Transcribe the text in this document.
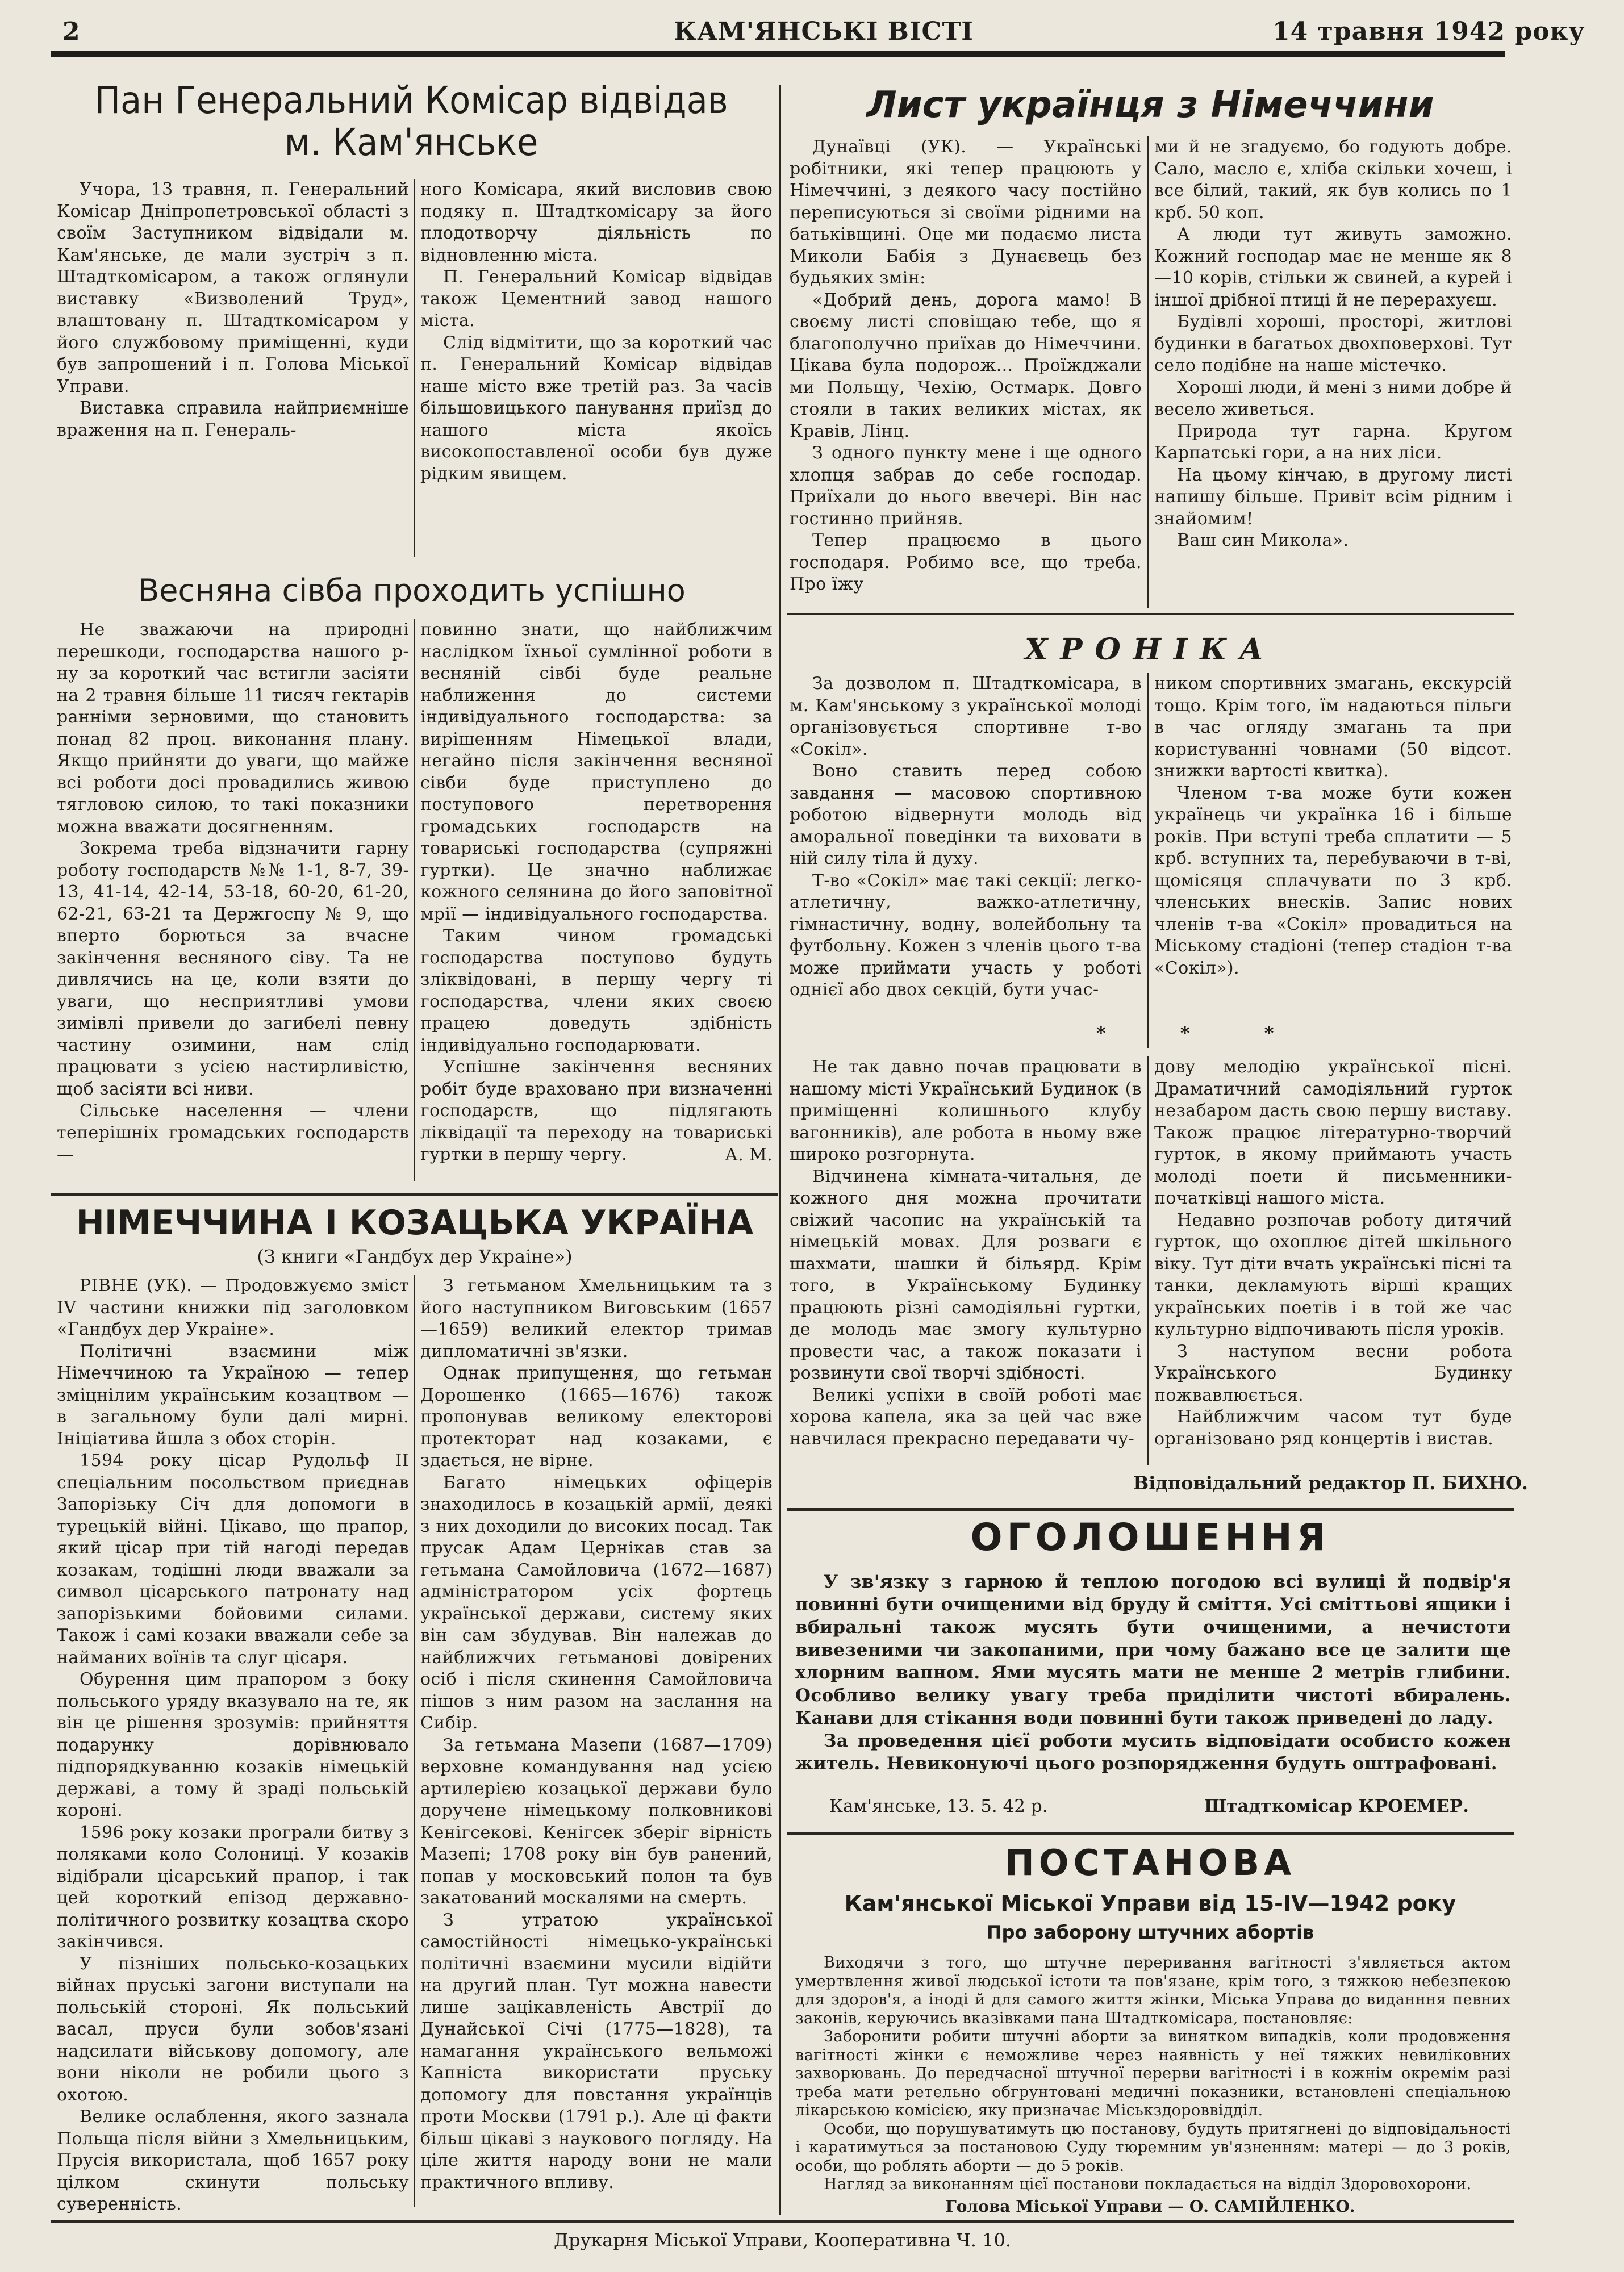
2	КАМ'ЯНСЬКІ ВІСТІ	14 травня 1942 року
Пан Генеральний Комісар відвідав
м. Кам'янське

Учора, 13 травня, п. Генеральний Комісар Дніпропетровської області з своїм Заступником відвідали м. Кам'янське, де мали зустріч з п. Штадткомісаром, а також оглянули виставку «Визволений Труд», влаштовану п. Штадткомісаром у його службовому приміщенні, куди був запрошений і п. Голова Міської Управи.

Виставка справила найприємніше враження на п. Генераль-

ного Комісара, який висловив свою подяку п. Штадткомісару за його плодотворчу діяльність по відновленню міста.

П. Генеральний Комісар відвідав також Цементний завод нашого міста.

Слід відмітити, що за короткий час п. Генеральний Комісар відвідав наше місто вже третій раз. За часів більшовицького панування приїзд до нашого міста якоїсь високопоставленої особи був дуже рідким явищем.

Весняна сівба проходить успішно

Не зважаючи на природні перешкоди, господарства нашого р-ну за короткий час встигли засіяти на 2 травня більше 11 тисяч гектарів ранніми зерновими, що становить понад 82 проц. виконання плану. Якщо прийняти до уваги, що майже всі роботи досі провадились живою тягловою силою, то такі показники можна вважати досягненням.

Зокрема треба відзначити гарну роботу господарств №№ 1-1, 8-7, 39-13, 41-14, 42-14, 53-18, 60-20, 61-20, 62-21, 63-21 та Держгоспу № 9, що вперто борються за вчасне закінчення весняного сіву. Та не дивлячись на це, коли взяти до уваги, що несприятливі умови зимівлі привели до загибелі певну частину озимини, нам слід працювати з усією настирливістю, щоб засіяти всі ниви.

Сільське населення — члени теперішніх громадських господарств —

повинно знати, що найближчим наслідком їхньої сумлінної роботи в весняній сівбі буде реальне наближення до системи індивідуального господарства: за вирішенням Німецької влади, негайно після закінчення весняної сівби буде приступлено до поступового перетворення громадських господарств на товариські господарства (супряжні гуртки). Це значно наближає кожного селянина до його заповітної мрії — індивідуального господарства.

Таким чином громадські господарства поступово будуть зліквідовані, в першу чергу ті господарства, члени яких своєю працею доведуть здібність індивідуально господарювати.

Успішне закінчення весняних робіт буде враховано при визначенні господарств, що підлягають ліквідації та переходу на товариські гуртки в першу чергу.	А. М.

НІМЕЧЧИНА І КОЗАЦЬКА УКРАЇНА
(З книги «Гандбух дер Украіне»)

РІВНЕ (УК). — Продовжуємо зміст IV частини книжки під заголовком «Гандбух дер Украіне».

Політичні взаємини між Німеччиною та Україною — тепер зміцнілим українським козацтвом — в загальному були далі мирні. Ініціатива йшла з обох сторін.

1594 року цісар Рудольф II спеціальним посольством приєднав Запорізьку Січ для допомоги в турецькій війні. Цікаво, що прапор, який цісар при тій нагоді передав козакам, тодішні люди вважали за символ цісарського патронату над запорізькими бойовими силами. Також і самі козаки вважали себе за найманих воїнів та слуг цісаря.

Обурення цим прапором з боку польського уряду вказувало на те, як він це рішення зрозумів: прийняття подарунку дорівнювало підпорядкуванню козаків німецькій державі, а тому й зраді польській короні.

1596 року козаки програли битву з поляками коло Солониці. У козаків відібрали цісарський прапор, і так цей короткий епізод державно-політичного розвитку козацтва скоро закінчився.

У пізніших польсько-козацьких війнах пруські загони виступали на польській стороні. Як польський васал, пруси були зобов'язані надсилати військову допомогу, але вони ніколи не робили цього з охотою.

Велике ослаблення, якого зазнала Польща після війни з Хмельницьким, Прусія використала, щоб 1657 року цілком скинути польську суверенність.

З гетьманом Хмельницьким та з його наступником Виговським (1657—1659) великий електор тримав дипломатичні зв'язки.

Однак припущення, що гетьман Дорошенко (1665—1676) також пропонував великому електорові протекторат над козаками, є здається, не вірне.

Багато німецьких офіцерів знаходилось в козацькій армії, деякі з них доходили до високих посад. Так прусак Адам Цернікав став за гетьмана Самойловича (1672—1687) адміністратором усіх фортець української держави, систему яких він сам збудував. Він належав до найближчих гетьманові довірених осіб і після скинення Самойловича пішов з ним разом на заслання на Сибір.

За гетьмана Мазепи (1687—1709) верховне командування над усією артилерією козацької держави було доручене німецькому полковникові Кенігсекові. Кенігсек зберіг вірність Мазепі; 1708 року він був ранений, попав у московський полон та був закатований москалями на смерть.

З утратою української самостійності німецько-українські політичні взаємини мусили відійти на другий план. Тут можна навести лише зацікавленість Австрії до Дунайської Січі (1775—1828), та намагання українського вельможі Капніста використати пруську допомогу для повстання українців проти Москви (1791 р.). Але ці факти більш цікаві з наукового погляду. На ціле життя народу вони не мали практичного впливу.

Лист українця з Німеччини

Дунаївці (УК). — Українські робітники, які тепер працюють у Німеччині, з деякого часу постійно переписуються зі своїми рідними на батьківщині. Оце ми подаємо листа Миколи Бабія з Дунаєвець без будьяких змін:

«Добрий день, дорога мамо! В своєму листі сповіщаю тебе, що я благополучно приїхав до Німеччини. Цікава була подорож... Проїжджали ми Польщу, Чехію, Остмарк. Довго стояли в таких великих містах, як Кравів, Лінц.

З одного пункту мене і ще одного хлопця забрав до себе господар. Приїхали до нього ввечері. Він нас гостинно прийняв.

Тепер працюємо в цього господаря. Робимо все, що треба. Про їжу

ми й не згадуємо, бо годують добре. Сало, масло є, хліба скільки хочеш, і все білий, такий, як був колись по 1 крб. 50 коп.

А люди тут живуть заможно. Кожний господар має не менше як 8—10 корів, стільки ж свиней, а курей і іншої дрібної птиці й не перерахуєш.

Будівлі хороші, просторі, житлові будинки в багатьох двохповерхові. Тут село подібне на наше містечко.

Хороші люди, й мені з ними добре й весело живеться.

Природа тут гарна. Кругом Карпатські гори, а на них ліси.

На цьому кінчаю, в другому листі напишу більше. Привіт всім рідним і знайомим!

Ваш син Микола».

ХРОНІКА

За дозволом п. Штадткомісара, в м. Кам'янському з української молоді організовується спортивне т-во «Сокіл».

Воно ставить перед собою завдання — масовою спортивною роботою відвернути молодь від аморальної поведінки та виховати в ній силу тіла й духу.

Т-во «Сокіл» має такі секції: легко-атлетичну, важко-атлетичну, гімнастичну, водну, волейбольну та футбольну. Кожен з членів цього т-ва може приймати участь у роботі однієї або двох секцій, бути учас-

ником спортивних змагань, екскурсій тощо. Крім того, їм надаються пільги в час огляду змагань та при користуванні човнами (50 відсот. знижки вартості квитка).

Членом т-ва може бути кожен українець чи українка 16 і більше років. При вступі треба сплатити — 5 крб. вступних та, перебуваючи в т-ві, щомісяця сплачувати по 3 крб. членських внесків. Запис нових членів т-ва «Сокіл» провадиться на Міському стадіоні (тепер стадіон т-ва «Сокіл»).

* * *

Не так давно почав працювати в нашому місті Український Будинок (в приміщенні колишнього клубу вагонників), але робота в ньому вже широко розгорнута.

Відчинена кімната-читальня, де кожного дня можна прочитати свіжий часопис на українській та німецькій мовах. Для розваги є шахмати, шашки й більярд. Крім того, в Українському Будинку працюють різні самодіяльні гуртки, де молодь має змогу культурно провести час, а також показати і розвинути свої творчі здібності.

Великі успіхи в своїй роботі має хорова капела, яка за цей час вже навчилася прекрасно передавати чу-

дову мелодію української пісні. Драматичний самодіяльний гурток незабаром дасть свою першу виставу. Також працює літературно-творчий гурток, в якому приймають участь молоді поети й письменники-початківці нашого міста.

Недавно розпочав роботу дитячий гурток, що охоплює дітей шкільного віку. Тут діти вчать українські пісні та танки, декламують вірші кращих українських поетів і в той же час культурно відпочивають після уроків.

З наступом весни робота Українського Будинку пожвавлюється.

Найближчим часом тут буде організовано ряд концертів і вистав.

Відповідальний редактор П. БИХНО.
ОГОЛОШЕННЯ

У зв'язку з гарною й теплою погодою всі вулиці й подвір'я повинні бути очищеними від бруду й сміття. Усі сміттьові ящики і вбиральні також мусять бути очищеними, а нечистоти вивезеними чи закопаними, при чому бажано все це залити ще хлорним вапном. Ями мусять мати не менше 2 метрів глибини. Особливо велику увагу треба приділити чистоті вбиралень. Канави для стікання води повинні бути також приведені до ладу.

За проведення цієї роботи мусить відповідати особисто кожен житель. Невиконуючі цього розпорядження будуть оштрафовані.

Кам'янське, 13. 5. 42 р.	Штадткомісар КРОЕМЕР.
ПОСТАНОВА
Кам'янської Міської Управи від 15-IV—1942 року
Про заборону штучних абортів

Виходячи з того, що штучне переривання вагітності з'являється актом умертвлення живої людської істоти та пов'язане, крім того, з тяжкою небезпекою для здоров'я, а іноді й для самого життя жінки, Міська Управа до виданння певних законів, керуючись вказівками пана Штадткомісара, постановляє:

Заборонити робити штучні аборти за винятком випадків, коли продовження вагітності жінки є неможливе через наявність у неї тяжких невиліковних захворювань. До передчасної штучної перерви вагітності і в кожнім окремім разі треба мати ретельно обгрунтовані медичні показники, встановлені спеціальною лікарською комісією, яку призначає Міськздороввідділ.

Особи, що порушуватимуть цю постанову, будуть притягнені до відповідальності і каратимуться за постановою Суду тюремним ув'язненням: матері — до 3 років, особи, що роблять аборти — до 5 років.

Нагляд за виконанням цієї постанови покладається на відділ Здоровохорони.

Голова Міської Управи — О. САМІЙЛЕНКО.
Друкарня Міської Управи, Кооперативна Ч. 10.
